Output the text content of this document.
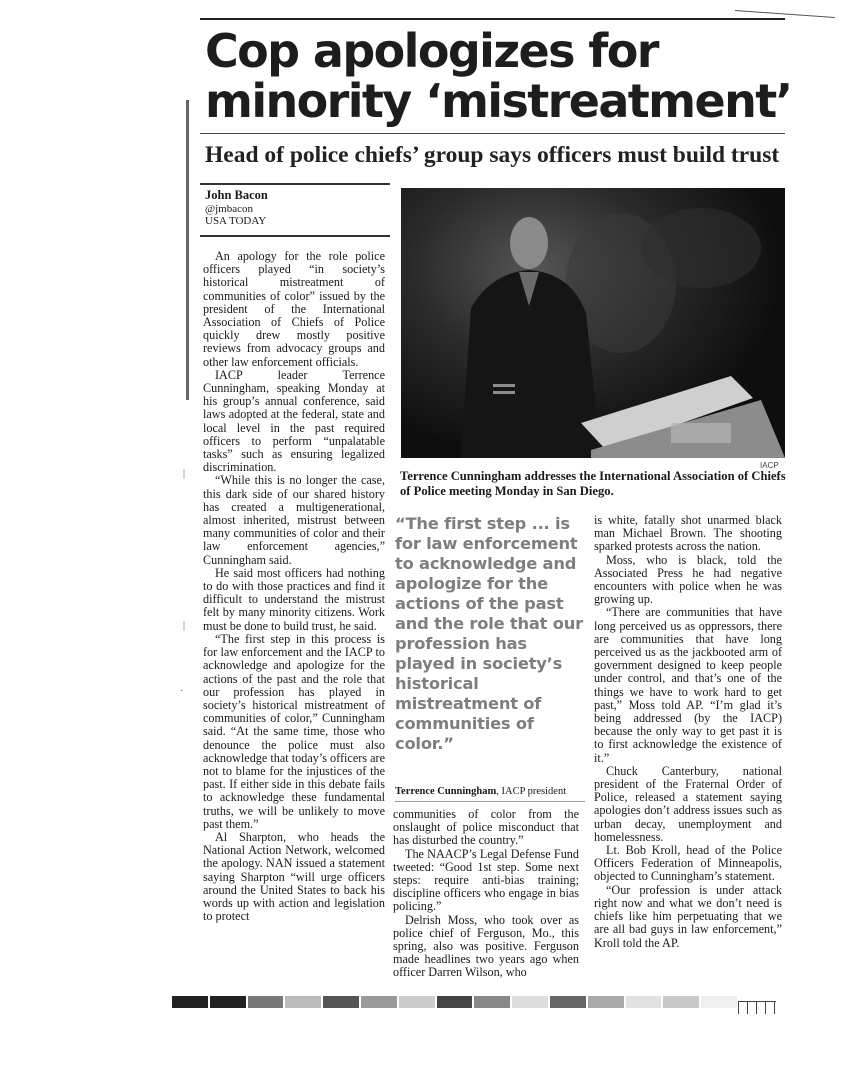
Cop apologizes for
minority ‘mistreatment’
Head of police chiefs’ group says officers must build trust
John Bacon
@jmbacon
USA TODAY

An apology for the role police officers played “in society’s historical mistreatment of communities of color” issued by the president of the International Association of Chiefs of Police quickly drew mostly positive reviews from advocacy groups and other law enforcement officials.

IACP leader Terrence Cunningham, speaking Monday at his group’s annual conference, said laws adopted at the federal, state and local level in the past required officers to perform “unpalatable tasks” such as ensuring legalized discrimination.

“While this is no longer the case, this dark side of our shared history has created a multigenerational, almost inherited, mistrust between many communities of color and their law enforcement agencies,” Cunningham said.

He said most officers had nothing to do with those practices and find it difficult to understand the mistrust felt by many minority citizens. Work must be done to build trust, he said.

“The first step in this process is for law enforcement and the IACP to acknowledge and apologize for the actions of the past and the role that our profession has played in society’s historical mistreatment of communities of color,” Cunningham said. “At the same time, those who denounce the police must also acknowledge that today’s officers are not to blame for the injustices of the past. If either side in this debate fails to acknowledge these fundamental truths, we will be unlikely to move past them.”

Al Sharpton, who heads the National Action Network, welcomed the apology. NAN issued a statement saying Sharpton “will urge officers around the United States to back his words up with action and legislation to protect

IACP

Terrence Cunningham addresses the International Association of Chiefs of Police meeting Monday in San Diego.

“The first step ... is for law enforcement to acknowledge and apologize for the actions of the past and the role that our profession has played in society’s historical mistreatment of communities of color.”
Terrence Cunningham, IACP president

communities of color from the onslaught of police misconduct that has disturbed the country.”

The NAACP’s Legal Defense Fund tweeted: “Good 1st step. Some next steps: require anti-bias training; discipline officers who engage in bias policing.”

Delrish Moss, who took over as police chief of Ferguson, Mo., this spring, also was positive. Ferguson made headlines two years ago when officer Darren Wilson, who

is white, fatally shot unarmed black man Michael Brown. The shooting sparked protests across the nation.

Moss, who is black, told the Associated Press he had negative encounters with police when he was growing up.

“There are communities that have long perceived us as oppressors, there are communities that have long perceived us as the jackbooted arm of government designed to keep people under control, and that’s one of the things we have to work hard to get past,” Moss told AP. “I’m glad it’s being addressed (by the IACP) because the only way to get past it is to first acknowledge the existence of it.”

Chuck Canterbury, national president of the Fraternal Order of Police, released a statement saying apologies don’t address issues such as urban decay, unemployment and homelessness.

Lt. Bob Kroll, head of the Police Officers Federation of Minneapolis, objected to Cunningham’s statement.

“Our profession is under attack right now and what we don’t need is chiefs like him perpetuating that we are all bad guys in law enforcement,” Kroll told the AP.

|
|
·
